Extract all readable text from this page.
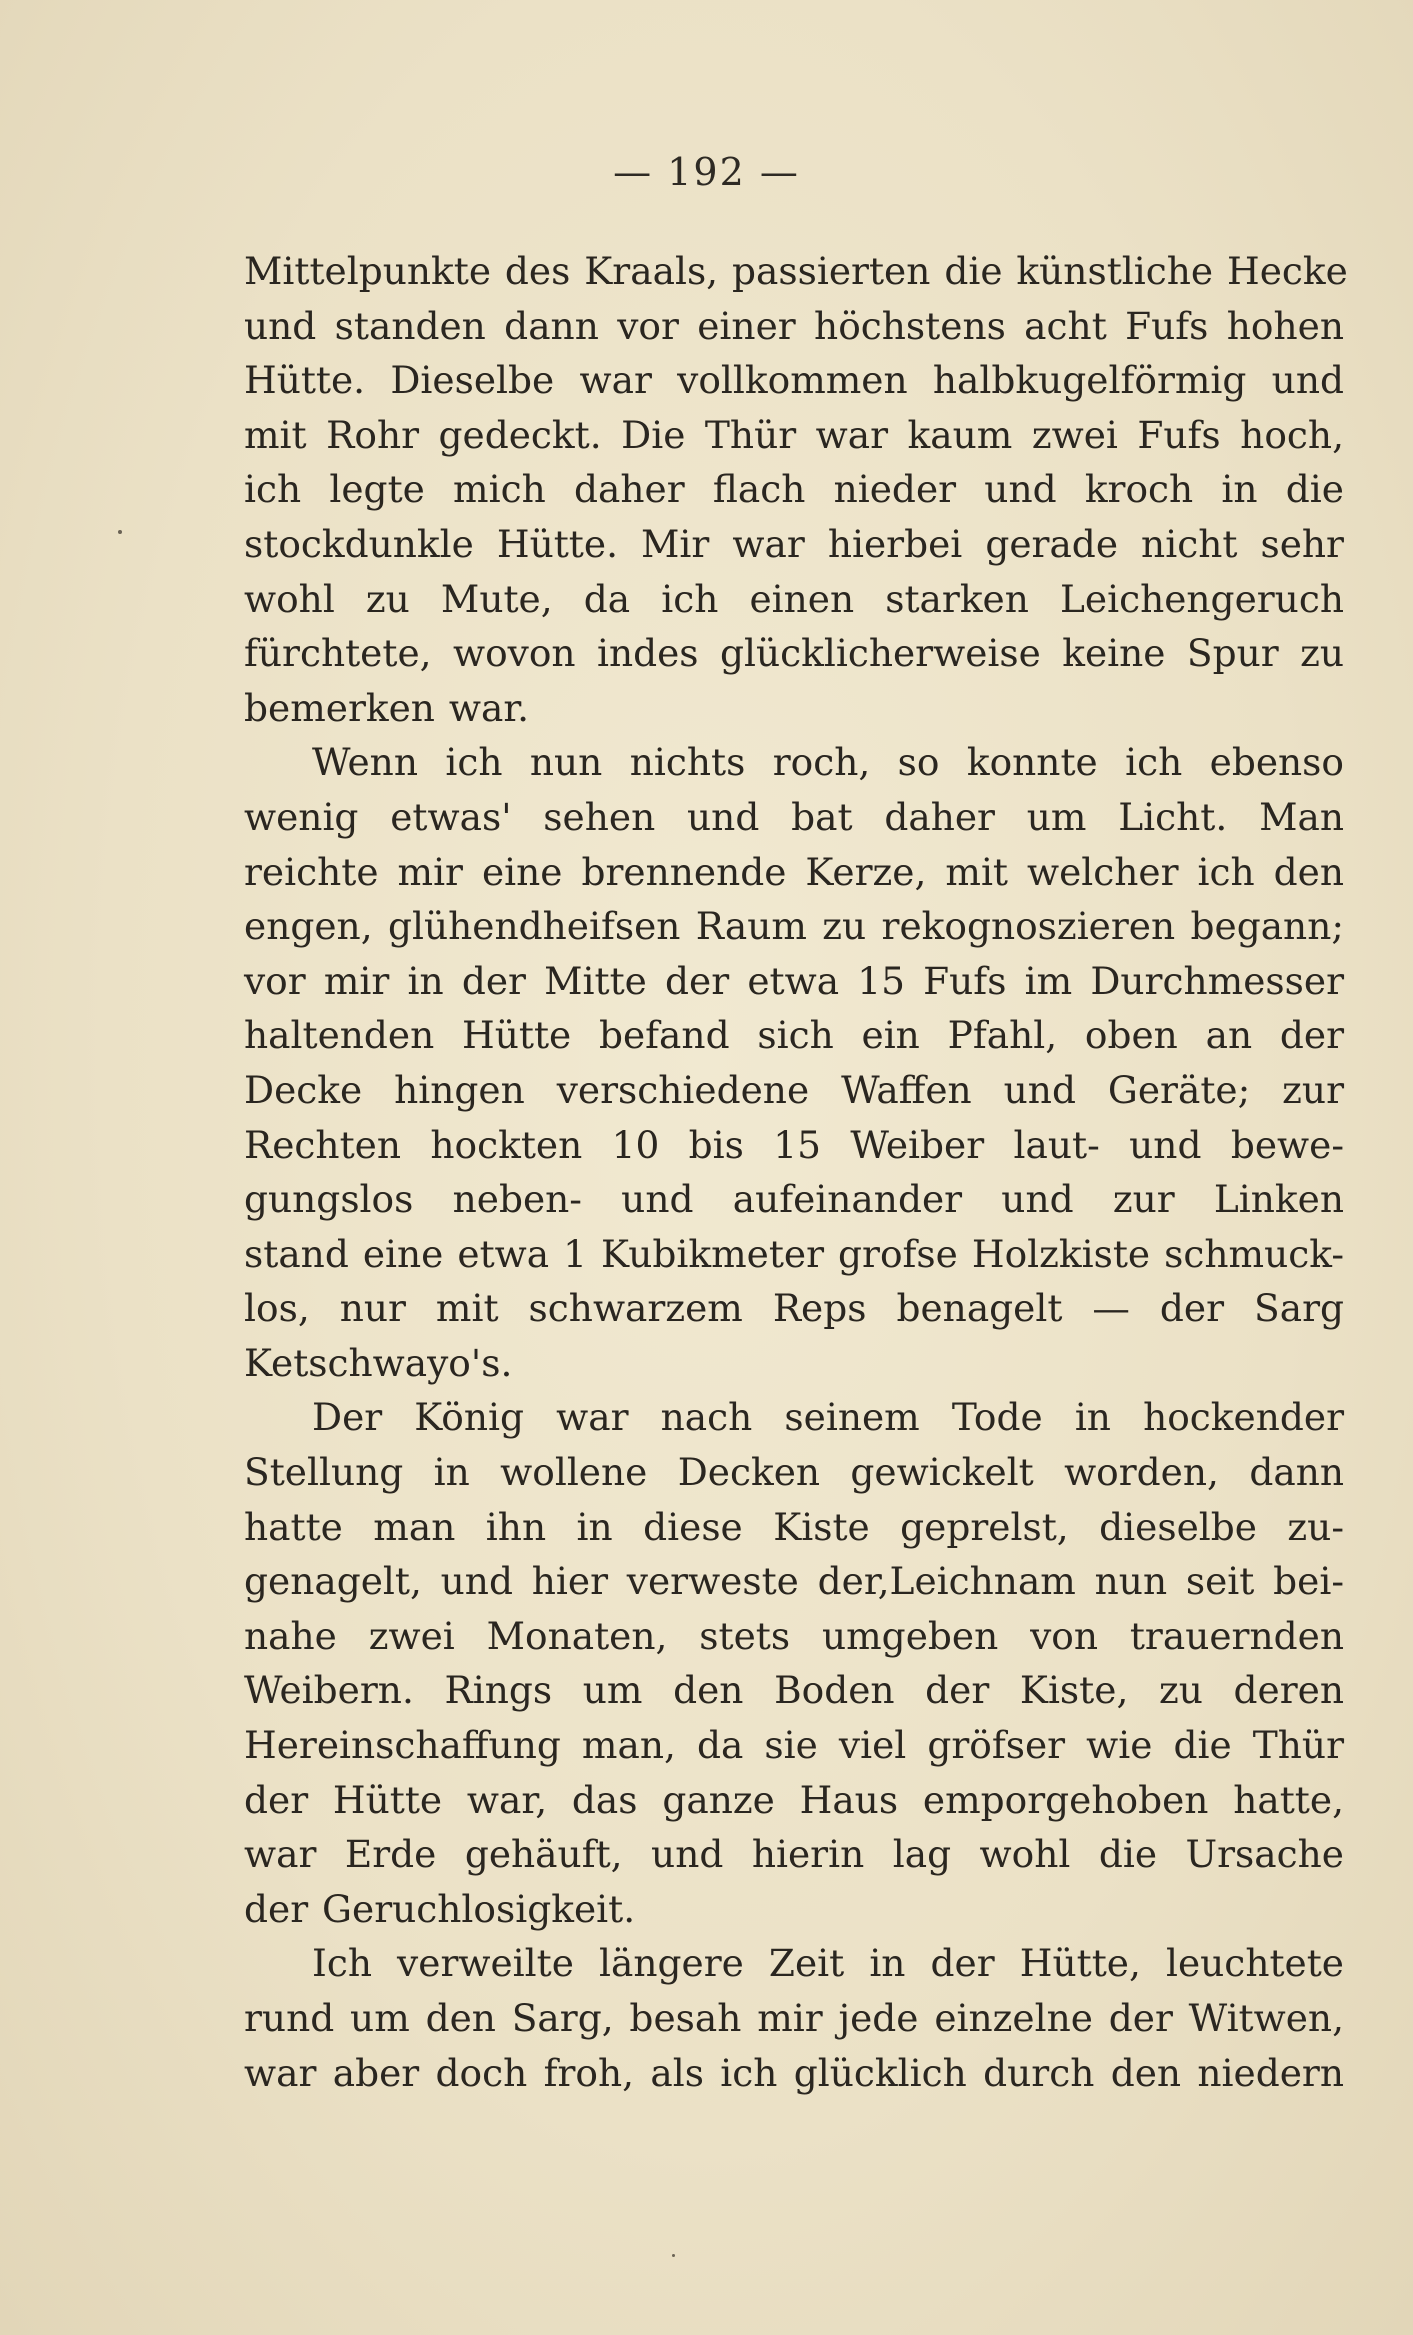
— 192 —
Mittelpunkte des Kraals, passierten die künstliche Hecke
und standen dann vor einer höchstens acht Fufs hohen
Hütte. Dieselbe war vollkommen halbkugelförmig und
mit Rohr gedeckt. Die Thür war kaum zwei Fufs hoch,
ich legte mich daher flach nieder und kroch in die
stockdunkle Hütte. Mir war hierbei gerade nicht sehr
wohl zu Mute, da ich einen starken Leichengeruch
fürchtete, wovon indes glücklicherweise keine Spur zu
bemerken war.
Wenn ich nun nichts roch, so konnte ich ebenso
wenig etwas' sehen und bat daher um Licht. Man
reichte mir eine brennende Kerze, mit welcher ich den
engen, glühendheifsen Raum zu rekognoszieren begann;
vor mir in der Mitte der etwa 15 Fufs im Durchmesser
haltenden Hütte befand sich ein Pfahl, oben an der
Decke hingen verschiedene Waffen und Geräte; zur
Rechten hockten 10 bis 15 Weiber laut- und bewe-
gungslos neben- und aufeinander und zur Linken
stand eine etwa 1 Kubikmeter grofse Holzkiste schmuck-
los, nur mit schwarzem Reps benagelt — der Sarg
Ketschwayo's.
Der König war nach seinem Tode in hockender
Stellung in wollene Decken gewickelt worden, dann
hatte man ihn in diese Kiste geprelst, dieselbe zu-
genagelt, und hier verweste der,Leichnam nun seit bei-
nahe zwei Monaten, stets umgeben von trauernden
Weibern. Rings um den Boden der Kiste, zu deren
Hereinschaffung man, da sie viel gröfser wie die Thür
der Hütte war, das ganze Haus emporgehoben hatte,
war Erde gehäuft, und hierin lag wohl die Ursache
der Geruchlosigkeit.
Ich verweilte längere Zeit in der Hütte, leuchtete
rund um den Sarg, besah mir jede einzelne der Witwen,
war aber doch froh, als ich glücklich durch den niedern
